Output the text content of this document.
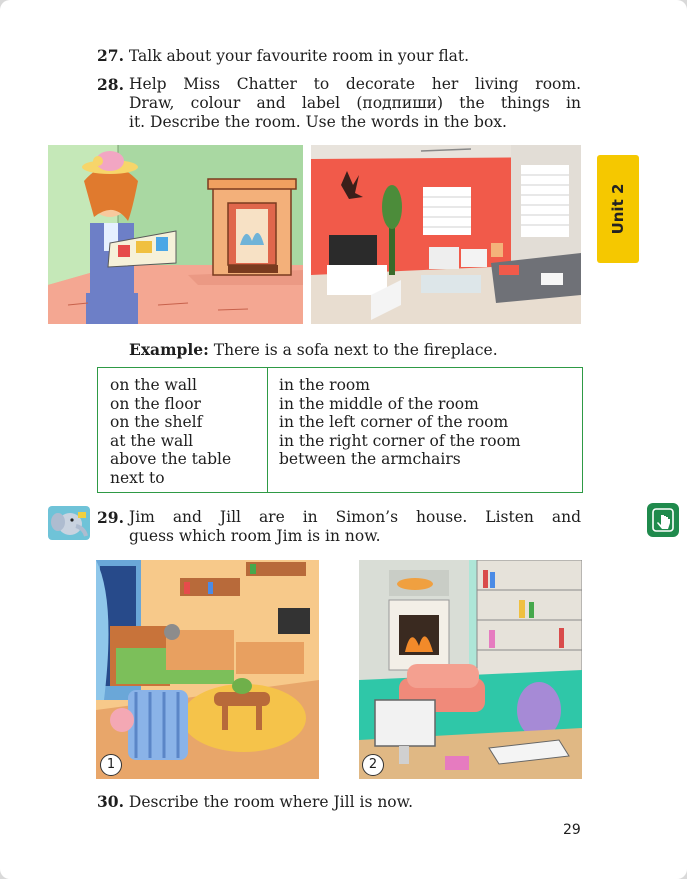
27. Talk about your favourite room in your flat.
28. Help Miss Chatter to decorate her living room.
Draw, colour and label (подпиши) the things in
it. Describe the room. Use the words in the box.
Example: There is a sofa next to the fireplace.
on the wall
on the floor
on the shelf
at the wall
above the table
next to
in the room
in the middle of the room
in the left corner of the room
in the right corner of the room
between the armchairs
29. Jim and Jill are in Simon’s house. Listen and
guess which room Jim is in now.
1	2
30. Describe the room where Jill is now.
Unit 2
29
